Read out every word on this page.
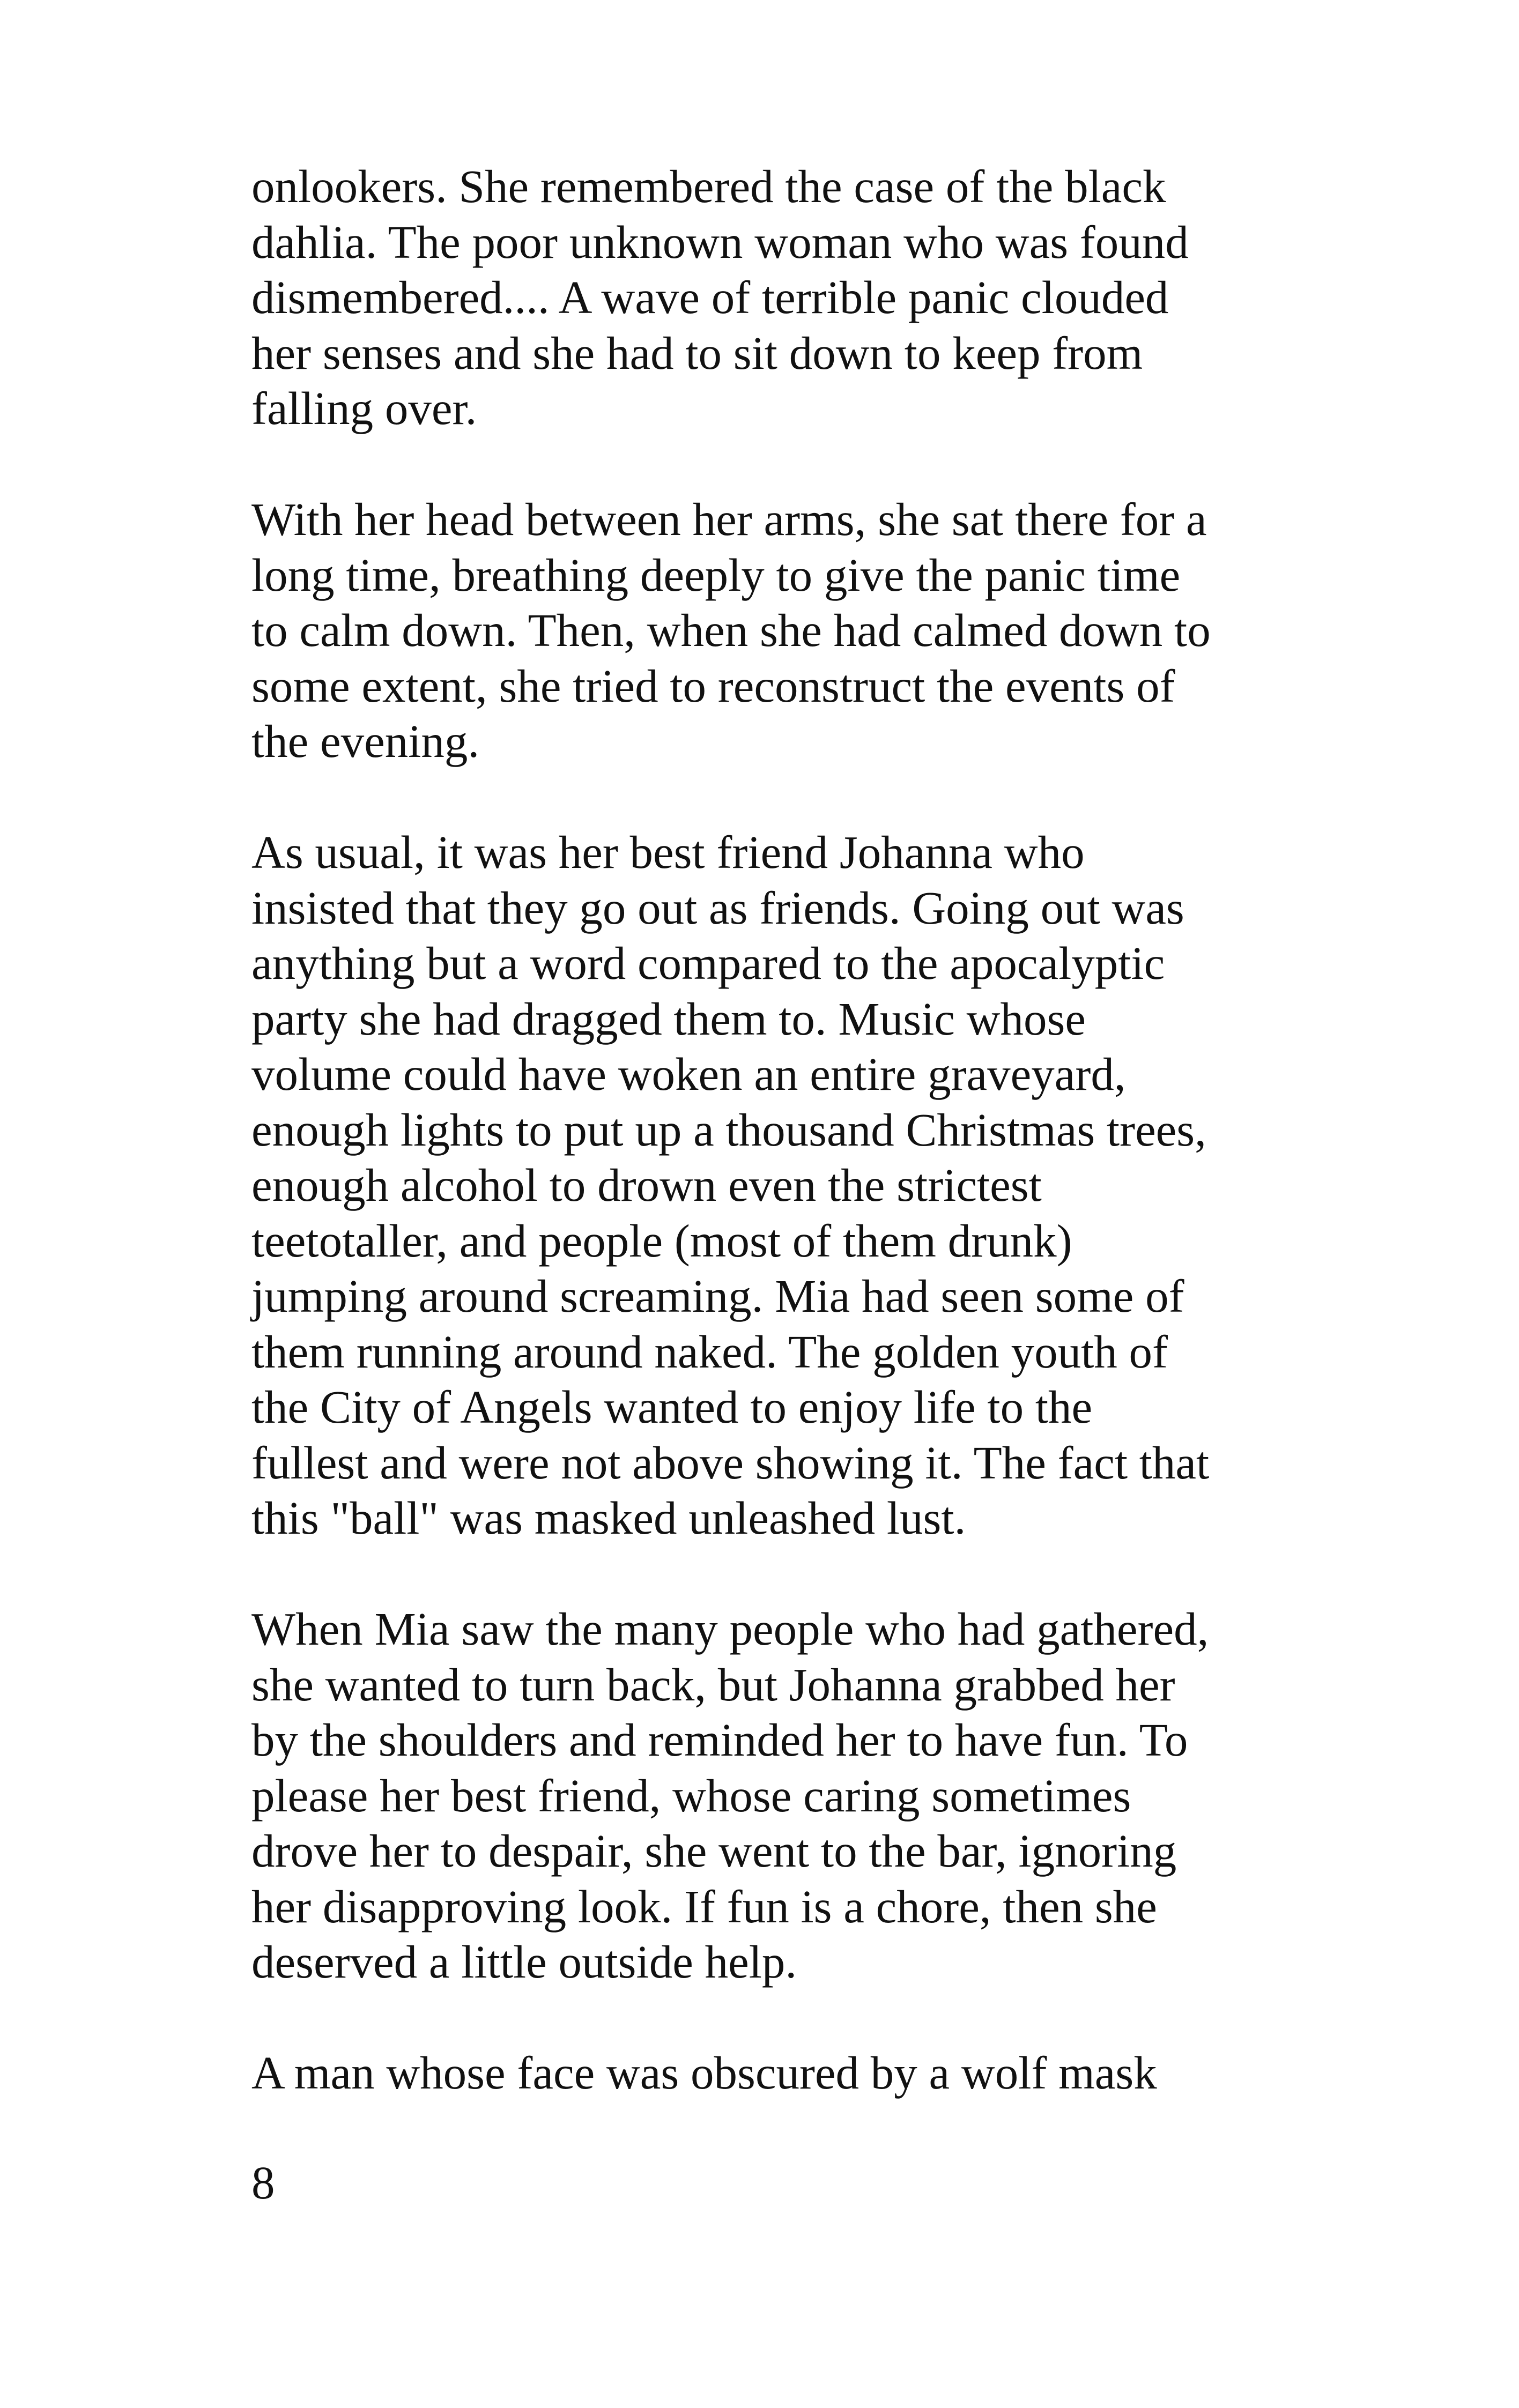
onlookers. She remembered the case of the black
dahlia. The poor unknown woman who was found
dismembered.... A wave of terrible panic clouded
her senses and she had to sit down to keep from
falling over.

With her head between her arms, she sat there for a
long time, breathing deeply to give the panic time
to calm down. Then, when she had calmed down to
some extent, she tried to reconstruct the events of
the evening.

As usual, it was her best friend Johanna who
insisted that they go out as friends. Going out was
anything but a word compared to the apocalyptic
party she had dragged them to. Music whose
volume could have woken an entire graveyard,
enough lights to put up a thousand Christmas trees,
enough alcohol to drown even the strictest
teetotaller, and people (most of them drunk)
jumping around screaming. Mia had seen some of
them running around naked. The golden youth of
the City of Angels wanted to enjoy life to the
fullest and were not above showing it. The fact that
this "ball" was masked unleashed lust.

When Mia saw the many people who had gathered,
she wanted to turn back, but Johanna grabbed her
by the shoulders and reminded her to have fun. To
please her best friend, whose caring sometimes
drove her to despair, she went to the bar, ignoring
her disapproving look. If fun is a chore, then she
deserved a little outside help.

A man whose face was obscured by a wolf mask

8
